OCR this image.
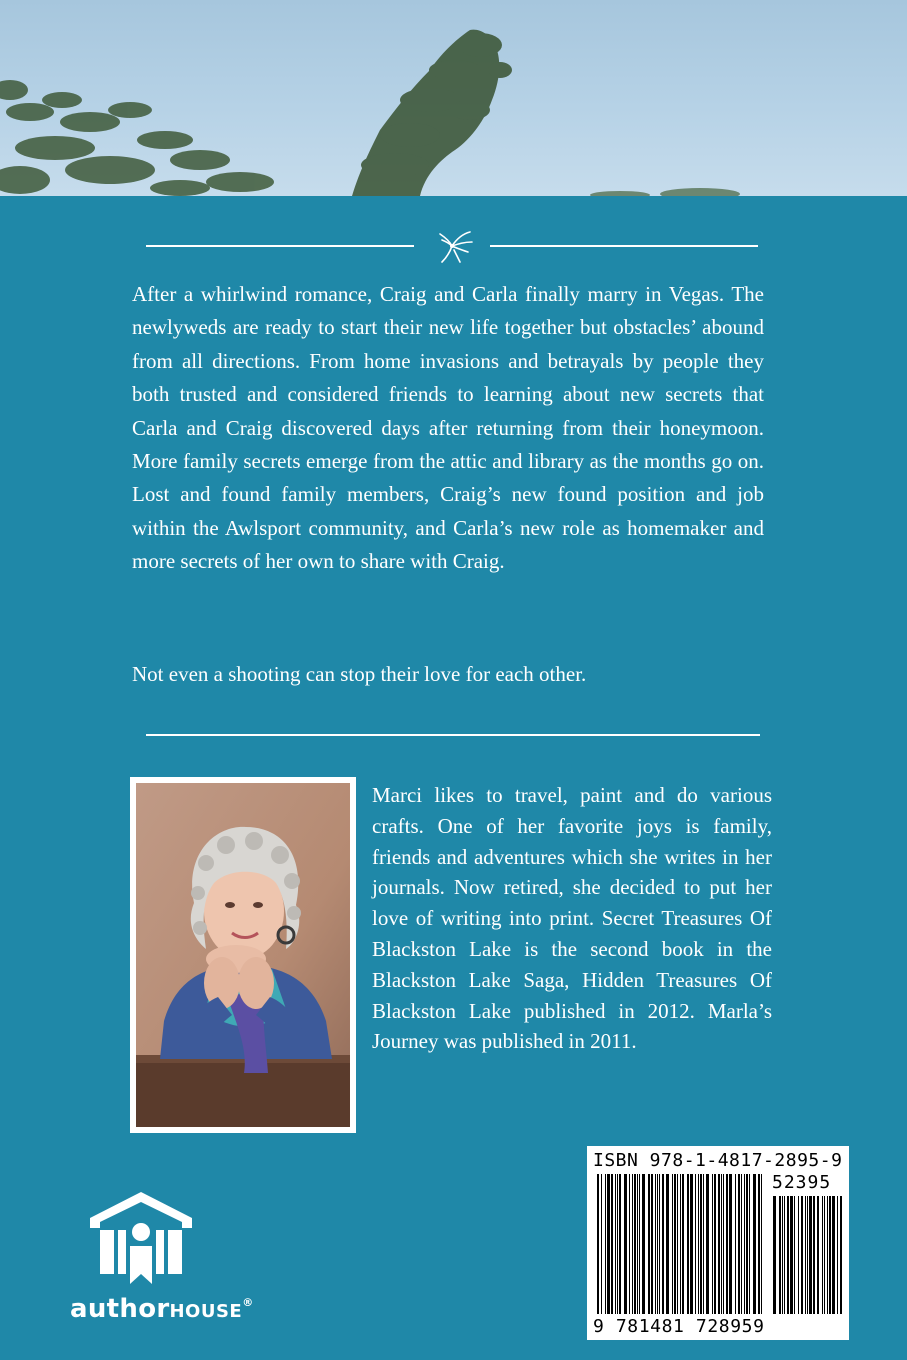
After a whirlwind romance, Craig and Carla finally marry in Vegas. The newlyweds are ready to start their new life together but obstacles’ abound from all directions. From home invasions and betrayals by people they both trusted and considered friends to learning about new secrets that Carla and Craig discovered days after returning from their honeymoon. More family secrets emerge from the attic and library as the months go on. Lost and found family members, Craig’s new found position and job within the Awlsport community, and Carla’s new role as homemaker and more secrets of her own to share with Craig.

Not even a shooting can stop their love for each other.

Marci likes to travel, paint and do various crafts. One of her favorite joys is family, friends and adventures which she writes in her journals. Now retired, she decided to put her love of writing into print. Secret Treasures Of Blackston Lake is the second book in the Blackston Lake Saga, Hidden Treasures Of Blackston Lake published in 2012. Marla’s Journey was published in 2011.

authorHOUSE®
ISBN 978-1-4817-2895-9
52395
9 781481 728959
